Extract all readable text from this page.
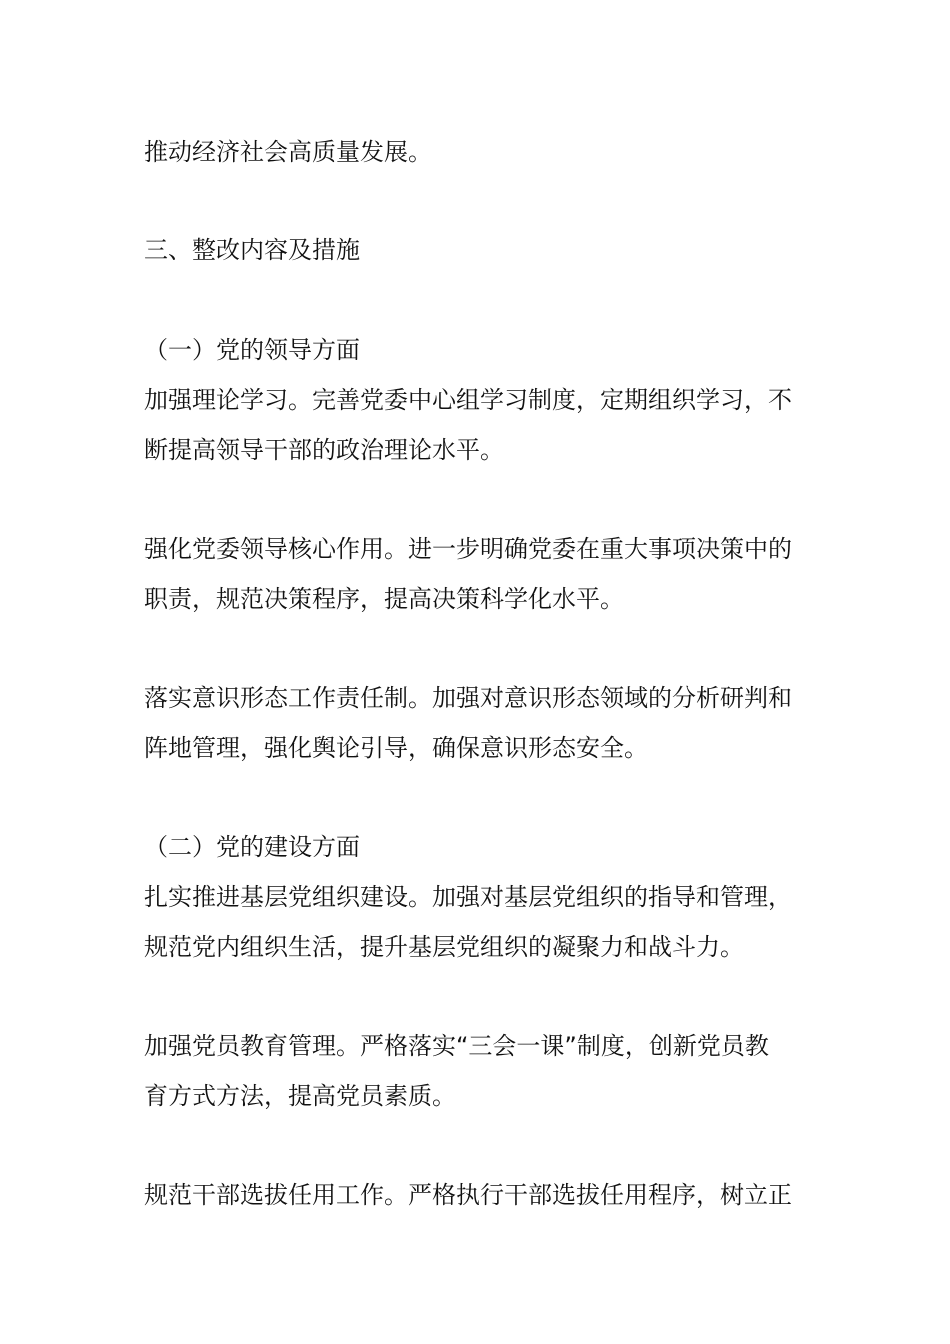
推动经济社会高质量发展。
三、整改内容及措施
（一）党的领导方面
加强理论学习。完善党委中心组学习制度，定期组织学习，不
断提高领导干部的政治理论水平。
强化党委领导核心作用。进一步明确党委在重大事项决策中的
职责，规范决策程序，提高决策科学化水平。
落实意识形态工作责任制。加强对意识形态领域的分析研判和
阵地管理，强化舆论引导，确保意识形态安全。
（二）党的建设方面
扎实推进基层党组织建设。加强对基层党组织的指导和管理，
规范党内组织生活，提升基层党组织的凝聚力和战斗力。
加强党员教育管理。严格落实“三会一课”制度，创新党员教
育方式方法，提高党员素质。
规范干部选拔任用工作。严格执行干部选拔任用程序，树立正
